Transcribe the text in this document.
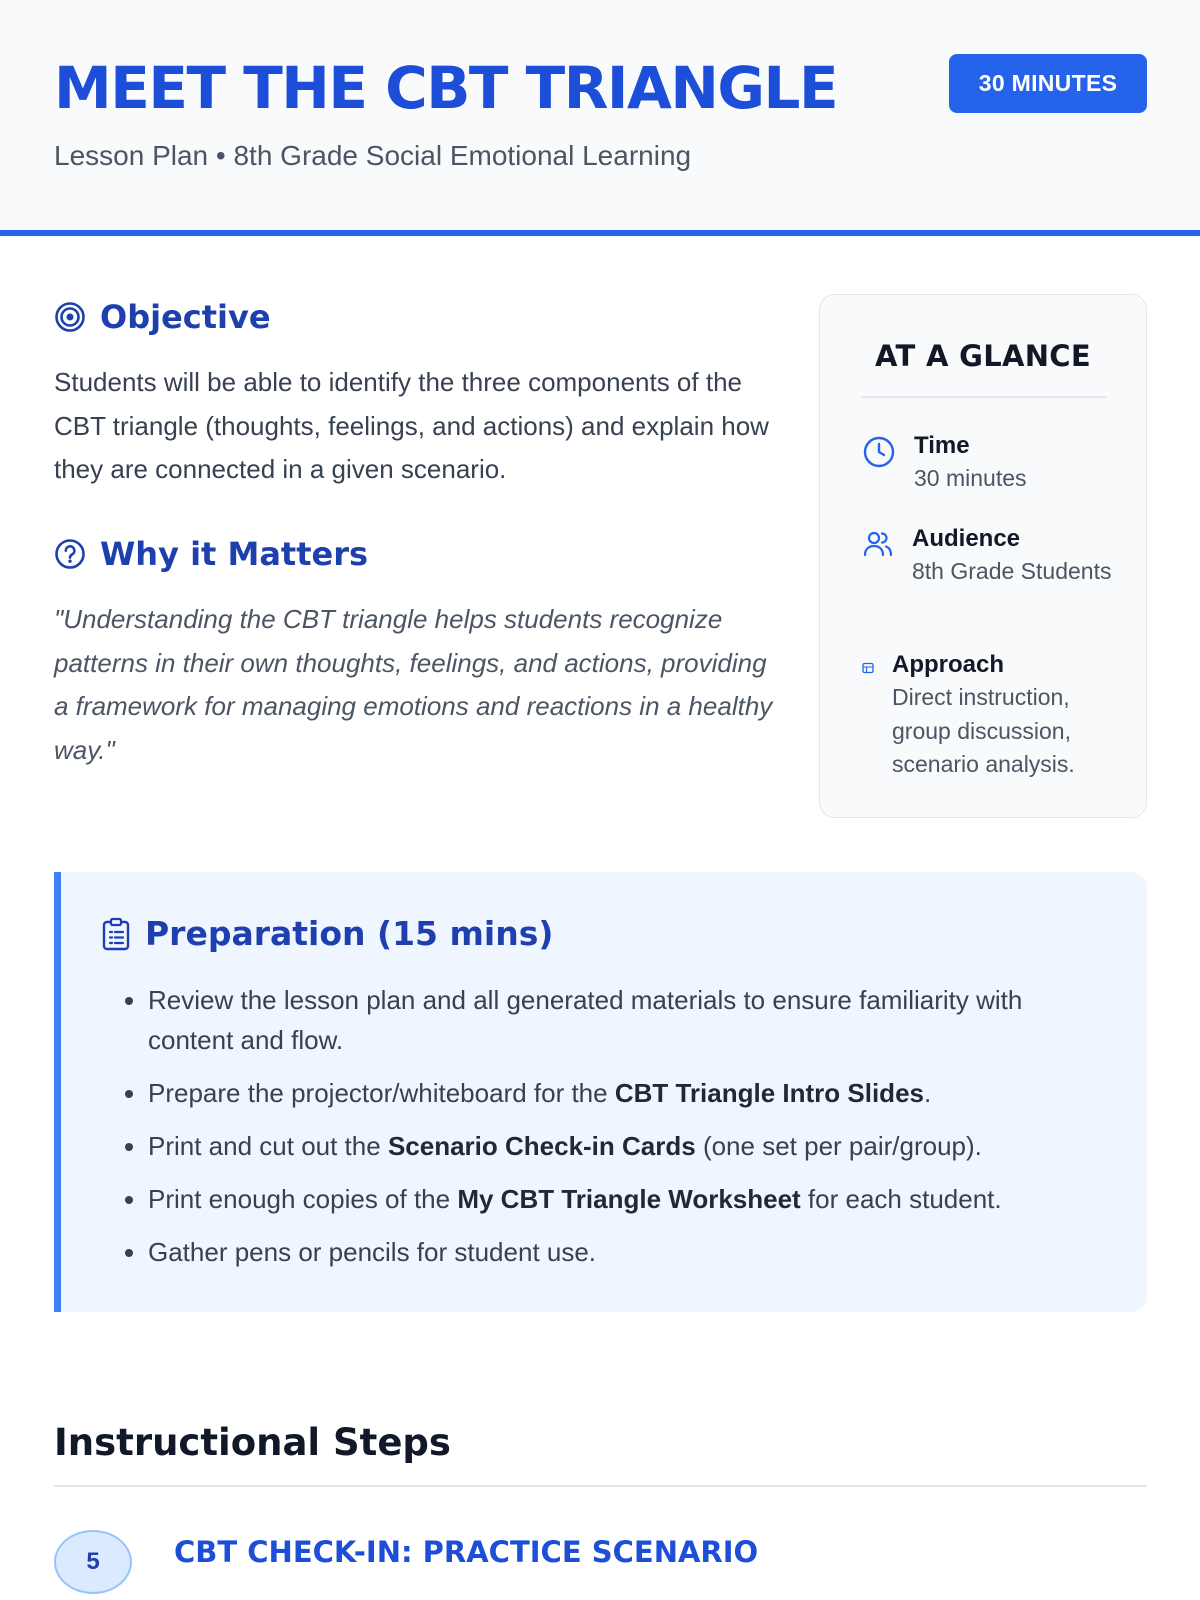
MEET THE CBT TRIANGLE
Lesson Plan • 8th Grade Social Emotional Learning
30 MINUTES
Objective

Students will be able to identify the three components of the CBT triangle (thoughts, feelings, and actions) and explain how they are connected in a given scenario.

Why it Matters

"Understanding the CBT triangle helps students recognize patterns in their own thoughts, feelings, and actions, providing a framework for managing emotions and reactions in a healthy way."

AT A GLANCE
Time
30 minutes
Audience
8th Grade Students
Approach
Direct instruction, group discussion, scenario analysis.
Preparation (15 mins)
• Review the lesson plan and all generated materials to ensure familiarity with content and flow.
• Prepare the projector/whiteboard for the CBT Triangle Intro Slides.
• Print and cut out the Scenario Check-in Cards (one set per pair/group).
• Print enough copies of the My CBT Triangle Worksheet for each student.
• Gather pens or pencils for student use.
Instructional Steps
5	CBT CHECK-IN: PRACTICE SCENARIO
